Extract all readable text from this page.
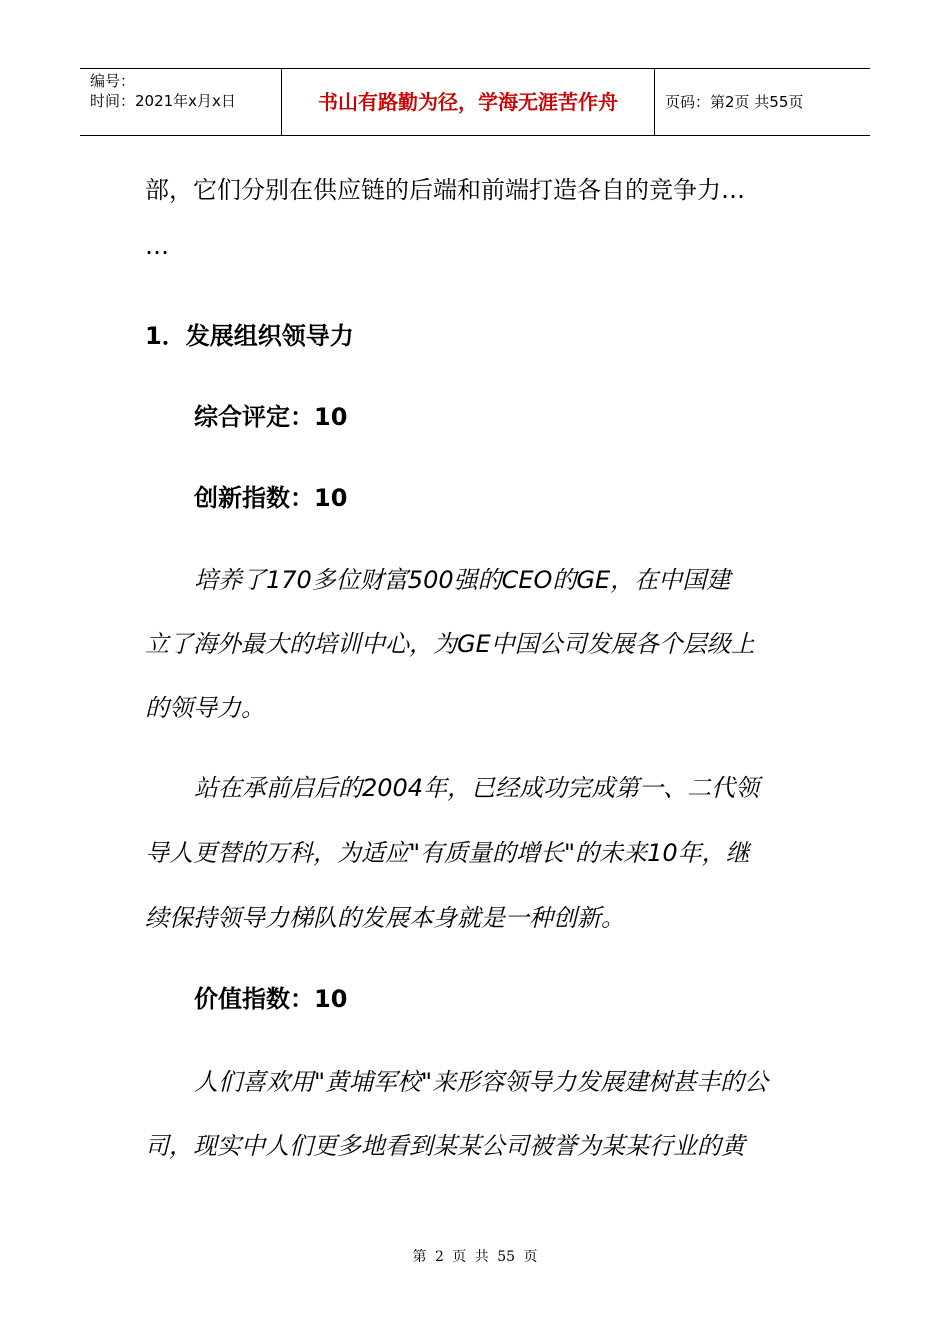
编号：
时间：2021年x月x日	书山有路勤为径，学海无涯苦作舟	页码：第2页 共55页
部，它们分别在供应链的后端和前端打造各自的竞争力…
…
1．发展组织领导力
综合评定：10
创新指数：10
培养了170多位财富500强的CEO的GE，在中国建
立了海外最大的培训中心，为GE中国公司发展各个层级上
的领导力。
站在承前启后的2004年，已经成功完成第一、二代领
导人更替的万科，为适应"有质量的增长"的未来10年，继
续保持领导力梯队的发展本身就是一种创新。
价值指数：10
人们喜欢用"黄埔军校"来形容领导力发展建树甚丰的公
司，现实中人们更多地看到某某公司被誉为某某行业的黄
第 2 页 共 55 页
